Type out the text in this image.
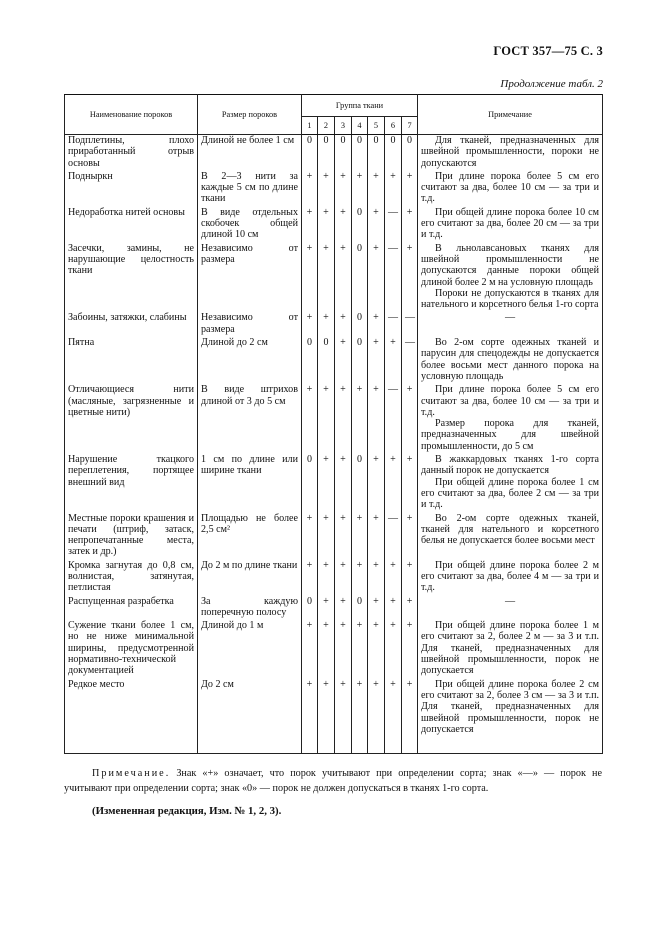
ГОСТ 357—75 С. 3
Продолжение табл. 2
Наименование пороков	Размер пороков	Группа ткани							Примечание
		1	2	3	4	5	6	7	
Подплетины, плохо приработанный отрыв основы	Длиной не более 1 см	0	0	0	0	0	0	0	Для тканей, предназначенных для швейной промышленности, пороки не допускаются

Подныркн	В 2—3 нити за каждые 5 см по длине ткани	+	+	+	+	+	+	+	При длине порока более 5 см его считают за два, более 10 см — за три и т.д.

Недоработка нитей основы	В виде отдельных скобочек общей длиной 10 см	+	+	+	0	+	—	+	При общей длине порока более 10 см его считают за два, более 20 см — за три и т.д.

Засечки, замины, не нарушающие целостность ткани	Независимо от размера	+	+	+	0	+	—	+	В льнолавсановых тканях для швейной промышленности не допускаются данные пороки общей длиной более 2 м на условную площадь

Пороки не допускаются в тканях для нательного и корсетного белья 1-го сорта

Забоины, затяжки, слабины	Независимо от размера	+	+	+	0	+	—	—	—

Пятна	Длиной до 2 см	0	0	+	0	+	+	—	Во 2-ом сорте одежных тканей и парусин для спецодежды не допускается более восьми мест данного порока на условную площадь

Отличающиеся нити (масляные, загрязненные и цветные нити)	В виде штрихов длиной от 3 до 5 см	+	+	+	+	+	—	+	При длине порока более 5 см его считают за два, более 10 см — за три и т.д.

Размер порока для тканей, предназначенных для швейной промышленности, до 5 см

Нарушение ткацкого переплетения, портящее внешний вид	1 см по длине или ширине ткани	0	+	+	0	+	+	+	В жаккардовых тканях 1-го сорта данный порок не допускается

При общей длине порока более 1 см его считают за два, более 2 см — за три и т.д.

Местные пороки крашения и печати (штриф, затаск, непропечатанные места, затек и др.)	Площадью не более 2,5 см²	+	+	+	+	+	—	+	Во 2-ом сорте одежных тканей, тканей для нательного и корсетного белья не допускается более восьми мест

Кромка загнутая до 0,8 см, волнистая, затянутая, петлистая	До 2 м по длине ткани	+	+	+	+	+	+	+	При общей длине порока более 2 м его считают за два, более 4 м — за три и т.д.

Распущенная разрабетка	За каждую поперечную полосу	0	+	+	0	+	+	+	—

Сужение ткани более 1 см, но не ниже минимальной ширины, предусмотренной нормативно-технической документацией	Длиной до 1 м	+	+	+	+	+	+	+	При общей длине порока более 1 м его считают за 2, более 2 м — за 3 и т.п. Для тканей, предназначенных для швейной промышленности, порок не допускается

Редкое место	До 2 см	+	+	+	+	+	+	+	При общей длине порока более 2 см его считают за 2, более 3 см — за 3 и т.п. Для тканей, предназначенных для швейной промышленности, порок не допускается

Примечание. Знак «+» означает, что порок учитывают при определении сорта; знак «—» — порок не учитывают при определении сорта; знак «0» — порок не должен допускаться в тканях 1-го сорта.
(Измененная редакция, Изм. № 1, 2, 3).
